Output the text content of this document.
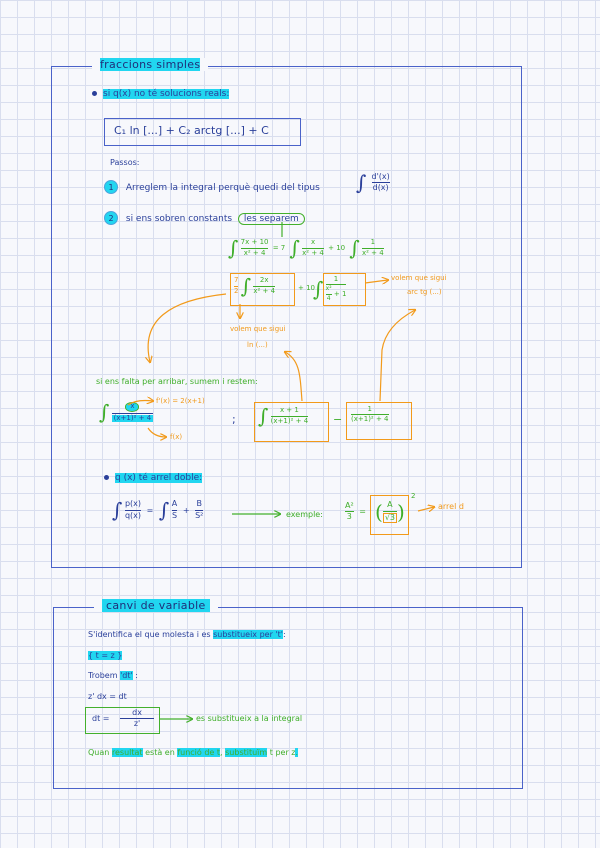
fraccions simples
si q(x) no té solucions reals:
C₁ ln [...] + C₂ arctg [...] + C
Passos:
1 Arreglem la integral perquè quedi del tipus ∫ $\frac{d'(x)}{d(x)}$
2 si ens sobren constants les separem
∫ $\frac{7x + 10}{\text{x² + 4}} = 7$ ∫ $\frac{x}{\text{x² + 4}} + 10$ ∫ $\frac{1}{\text{x² + 4}}$
$\frac{7}{2}$ ∫ $\frac{2x}{\text{x² + 4}}$	+ 10
∫ $\frac{1}{\frac{\text{x²}}{4} + 1}$	volem que sigui
arc tg (...)
volem que sigui
ln (...)
si ens falta per arribar, sumem i restem:
f'(x) = 2(x+1)
∫ $\frac{x}{\text{(x+1)² + 4}}$
f(x)
; ∫ $\frac{x + 1}{\text{(x+1)² + 4}} - \frac{1}{\text{(x+1)² + 4}}$
q (x) té arrel doble:
∫ $\frac{p(x)}{q(x)}$ = ∫ $\frac{A}{S} + \frac{B}{\text{S²}}$	exemple:	$\frac{\text{A²}}{3}$ = ( $\frac{A}{√3}$ )
2
arrel d
canvi de variable
S'identifica el que molesta i es substitueix per 't':
{ t = z }
Trobem 'dt' :
z' dx = dt
dt = $\frac{dx}{z'}$	es substitueix a la integral
Quan resultat està en funció de t, substituïm t per z.
